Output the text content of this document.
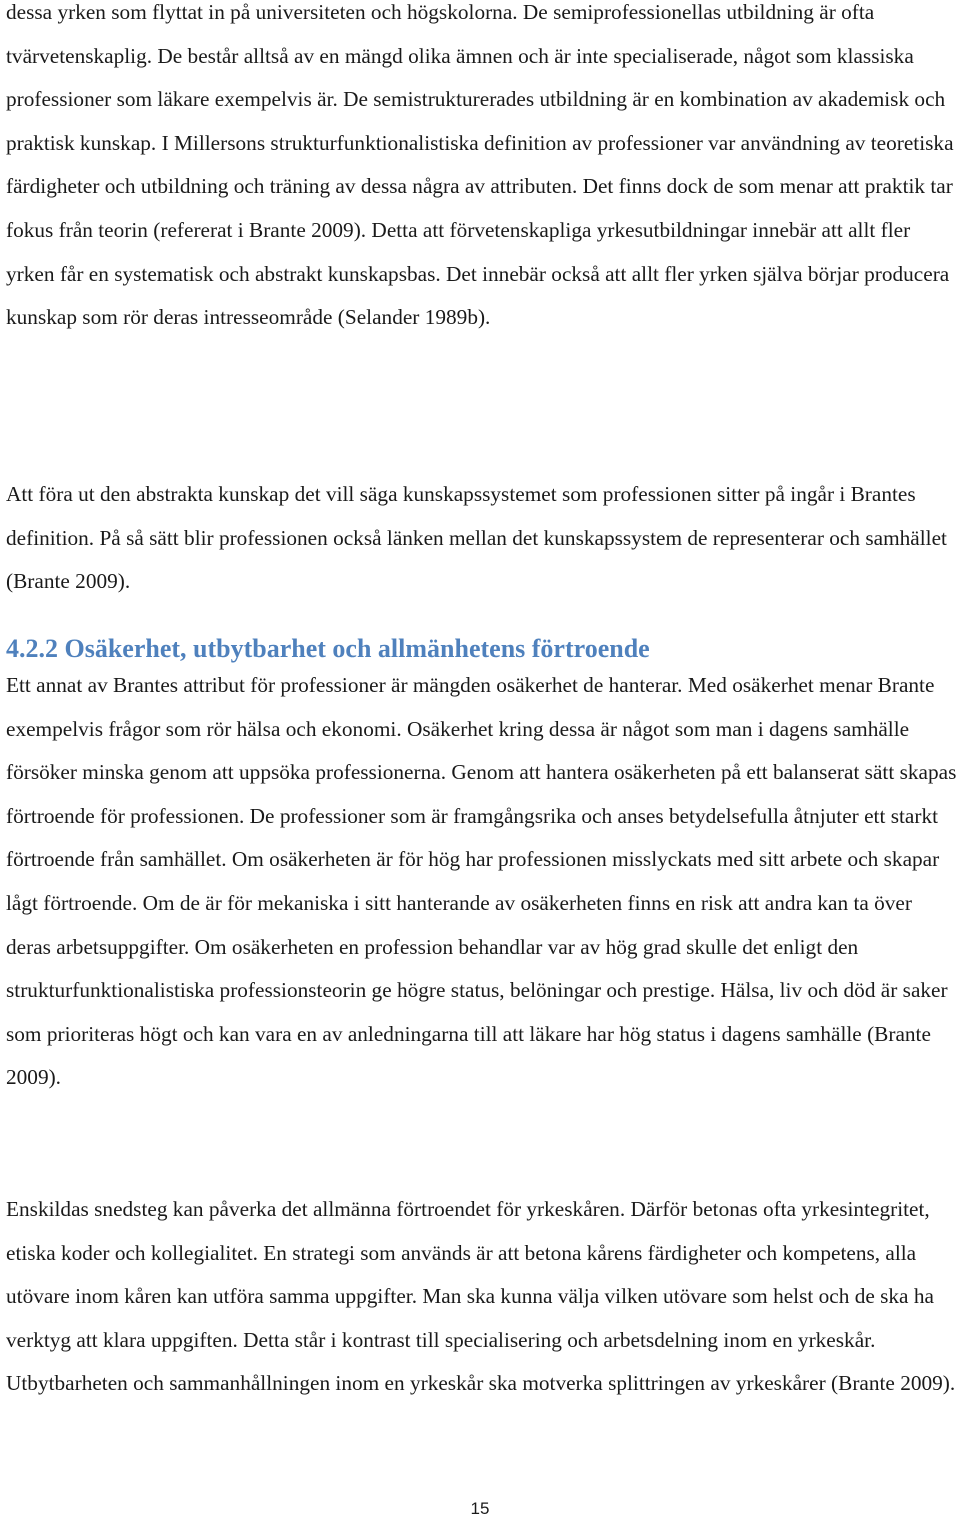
dessa yrken som flyttat in på universiteten och högskolorna. De semiprofessionellas utbildning är ofta tvärvetenskaplig. De består alltså av en mängd olika ämnen och är inte specialiserade, något som klassiska professioner som läkare exempelvis är. De semistrukturerades utbildning är en kombination av akademisk och praktisk kunskap. I Millersons strukturfunktionalistiska definition av professioner var användning av teoretiska färdigheter och utbildning och träning av dessa några av attributen. Det finns dock de som menar att praktik tar fokus från teorin (refererat i Brante 2009). Detta att förvetenskapliga yrkesutbildningar innebär att allt fler yrken får en systematisk och abstrakt kunskapsbas. Det innebär också att allt fler yrken själva börjar producera kunskap som rör deras intresseområde (Selander 1989b).

Att föra ut den abstrakta kunskap det vill säga kunskapssystemet som professionen sitter på ingår i Brantes definition. På så sätt blir professionen också länken mellan det kunskapssystem de representerar och samhället (Brante 2009).

4.2.2 Osäkerhet, utbytbarhet och allmänhetens förtroende

Ett annat av Brantes attribut för professioner är mängden osäkerhet de hanterar. Med osäkerhet menar Brante exempelvis frågor som rör hälsa och ekonomi. Osäkerhet kring dessa är något som man i dagens samhälle försöker minska genom att uppsöka professionerna. Genom att hantera osäkerheten på ett balanserat sätt skapas förtroende för professionen. De professioner som är framgångsrika och anses betydelsefulla åtnjuter ett starkt förtroende från samhället. Om osäkerheten är för hög har professionen misslyckats med sitt arbete och skapar lågt förtroende. Om de är för mekaniska i sitt hanterande av osäkerheten finns en risk att andra kan ta över deras arbetsuppgifter. Om osäkerheten en profession behandlar var av hög grad skulle det enligt den strukturfunktionalistiska professionsteorin ge högre status, belöningar och prestige. Hälsa, liv och död är saker som prioriteras högt och kan vara en av anledningarna till att läkare har hög status i dagens samhälle (Brante 2009).

Enskildas snedsteg kan påverka det allmänna förtroendet för yrkeskåren. Därför betonas ofta yrkesintegritet, etiska koder och kollegialitet. En strategi som används är att betona kårens färdigheter och kompetens, alla utövare inom kåren kan utföra samma uppgifter. Man ska kunna välja vilken utövare som helst och de ska ha verktyg att klara uppgiften. Detta står i kontrast till specialisering och arbetsdelning inom en yrkeskår. Utbytbarheten och sammanhållningen inom en yrkeskår ska motverka splittringen av yrkeskårer (Brante 2009).

15
